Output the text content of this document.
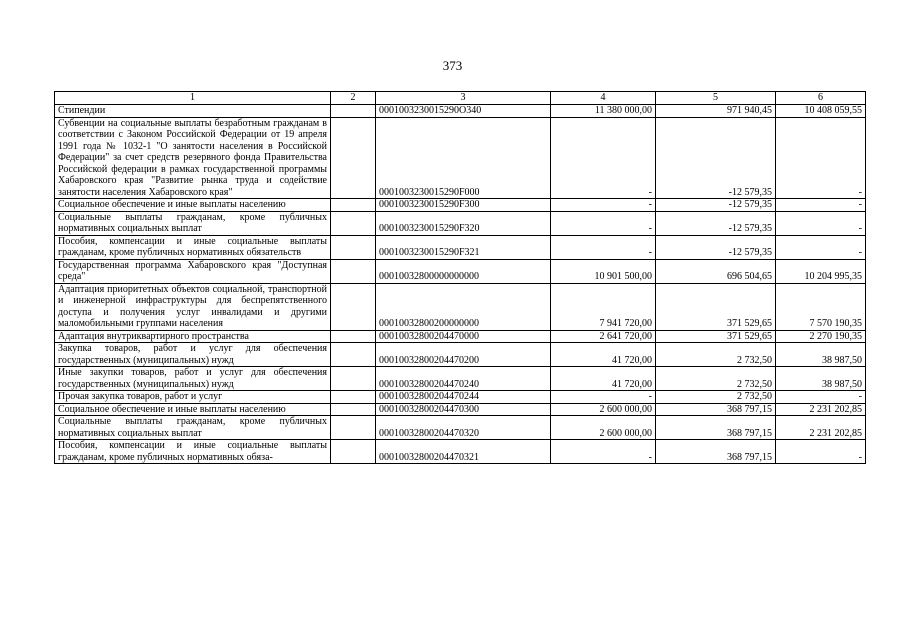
373
1	2	3	4	5	6
Стипендии		0001003230015290O340	11 380 000,00	971 940,45	10 408 059,55
Субвенции на социальные выплаты безработным гражданам в соответствии с Законом Российской Федерации от 19 апреля 1991 года № 1032-1 "О занятости населения в Российской Федерации" за счет средств резервного фонда Правительства Российской федерации в рамках государственной программы Хабаровского края "Развитие рынка труда и содействие занятости населения Хабаровского края"		0001003230015290F000	-	-12 579,35	-
Социальное обеспечение и иные выплаты населению		0001003230015290F300	-	-12 579,35	-
Социальные выплаты гражданам, кроме публичных нормативных социальных выплат		0001003230015290F320	-	-12 579,35	-
Пособия, компенсации и иные социальные выплаты гражданам, кроме публичных нормативных обязательств		0001003230015290F321	-	-12 579,35	-
Государственная программа Хабаровского края "Доступная среда"		00010032800000000000	10 901 500,00	696 504,65	10 204 995,35
Адаптация приоритетных объектов социальной, транспортной и инженерной инфраструктуры для беспрепятственного доступа и получения услуг инвалидами и другими маломобильными группами населения		00010032800200000000	7 941 720,00	371 529,65	7 570 190,35
Адаптация внутриквартирного пространства		00010032800204470000	2 641 720,00	371 529,65	2 270 190,35
Закупка товаров, работ и услуг для обеспечения государственных (муниципальных) нужд		00010032800204470200	41 720,00	2 732,50	38 987,50
Иные закупки товаров, работ и услуг для обеспечения государственных (муниципальных) нужд		00010032800204470240	41 720,00	2 732,50	38 987,50
Прочая закупка товаров, работ и услуг		00010032800204470244	-	2 732,50	-
Социальное обеспечение и иные выплаты населению		00010032800204470300	2 600 000,00	368 797,15	2 231 202,85
Социальные выплаты гражданам, кроме публичных нормативных социальных выплат		00010032800204470320	2 600 000,00	368 797,15	2 231 202,85
Пособия, компенсации и иные социальные выплаты гражданам, кроме публичных нормативных обяза-		00010032800204470321	-	368 797,15	-
